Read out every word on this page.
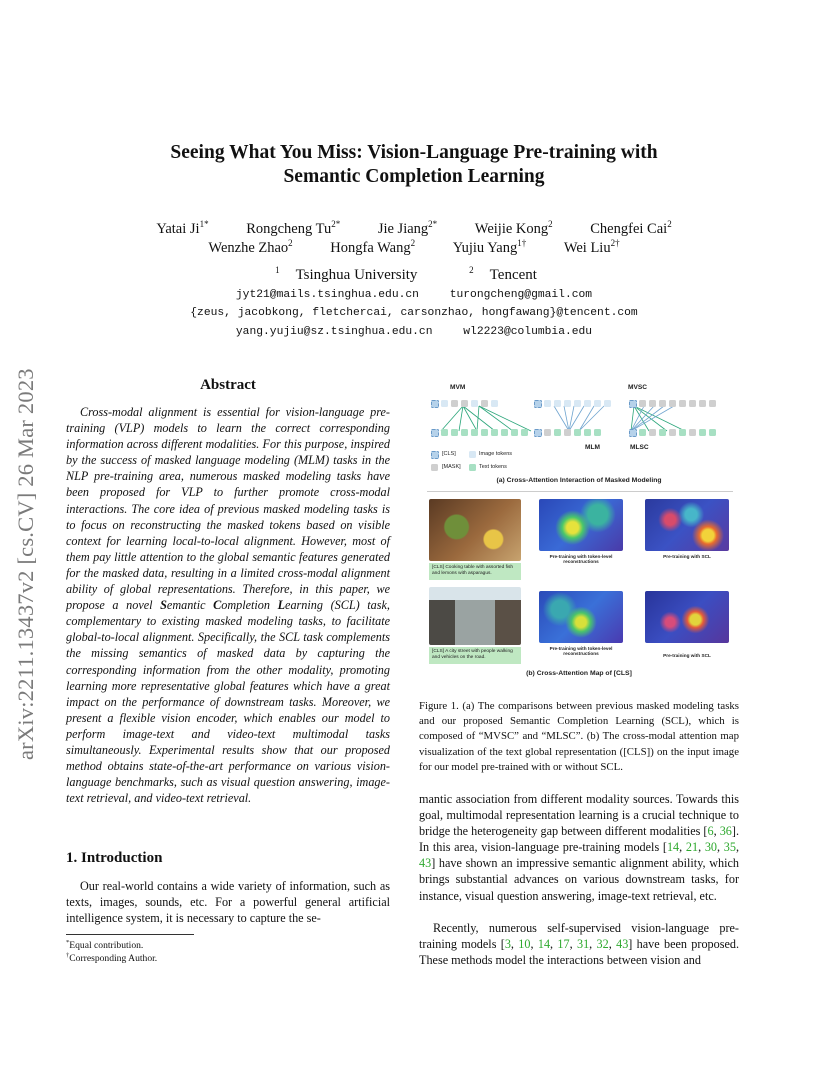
arXiv:2211.13437v2 [cs.CV] 26 Mar 2023
Seeing What You Miss: Vision-Language Pre-training with
Semantic Completion Learning
Yatai $Ji^{1*}$	Rongcheng $Tu^{2*}$	Jie Jiang$^{2*}$	Weijie Kong$^2$	Chengfei Cai$^2$
Wenzhe Zhao$^2$	Hongfa Wang$^2$	Yujiu Yang$^{1\dagger}$	Wei Liu$^{2\dagger}$
$^1$ Tsinghua University	$^2$ Tencent
jyt21@mails.tsinghua.edu.cn	turongcheng@gmail.com
{zeus, jacobkong, fletchercai, carsonzhao, hongfawang}@tencent.com
yang.yujiu@sz.tsinghua.edu.cn	wl2223@columbia.edu
Abstract
Cross-modal alignment is essential for vision-language pre-training (VLP) models to learn the correct corresponding information across different modalities. For this purpose, inspired by the success of masked language modeling (MLM) tasks in the NLP pre-training area, numerous masked modeling tasks have been proposed for VLP to further promote cross-modal interactions. The core idea of previous masked modeling tasks is to focus on reconstructing the masked tokens based on visible context for learning local-to-local alignment. However, most of them pay little attention to the global semantic features generated for the masked data, resulting in a limited cross-modal alignment ability of global representations. Therefore, in this paper, we propose a novel Semantic Completion Learning (SCL) task, complementary to existing masked modeling tasks, to facilitate global-to-local alignment. Specifically, the SCL task complements the missing semantics of masked data by capturing the corresponding information from the other modality, promoting learning more representative global features which have a great impact on the performance of downstream tasks. Moreover, we present a flexible vision encoder, which enables our model to perform image-text and video-text multimodal tasks simultaneously. Experimental results show that our proposed method obtains state-of-the-art performance on various vision-language benchmarks, such as visual question answering, image-text retrieval, and video-text retrieval.
1. Introduction
Our real-world contains a wide variety of information, such as texts, images, sounds, etc. For a powerful general artificial intelligence system, it is necessary to capture the se-
*Equal contribution.
†Corresponding Author.
MVM	MVSC
MLM	MLSC
[CLS]	Image tokens
[MASK]	Text tokens
(a) Cross-Attention Interaction of Masked Modeling
[CLS] Cooking table with assorted fish and lemons with asparagus.
Pre-training with token-level reconstructions
Pre-training with SCL
[CLS] A city street with people walking and vehicles on the road.
Pre-training with token-level reconstructions	Pre-training with SCL
(b) Cross-Attention Map of [CLS]
Figure 1. (a) The comparisons between previous masked modeling tasks and our proposed Semantic Completion Learning (SCL), which is composed of “MVSC” and “MLSC”. (b) The cross-modal attention map visualization of the text global representation ([CLS]) on the input image for our model pre-trained with or without SCL.
mantic association from different modality sources. Towards this goal, multimodal representation learning is a crucial technique to bridge the heterogeneity gap between different modalities [6, 36]. In this area, vision-language pre-training models [14, 21, 30, 35, 43] have shown an impressive semantic alignment ability, which brings substantial advances on various downstream tasks, for instance, visual question answering, image-text retrieval, etc.
Recently, numerous self-supervised vision-language pre-training models [3, 10, 14, 17, 31, 32, 43] have been proposed. These methods model the interactions between vision and
